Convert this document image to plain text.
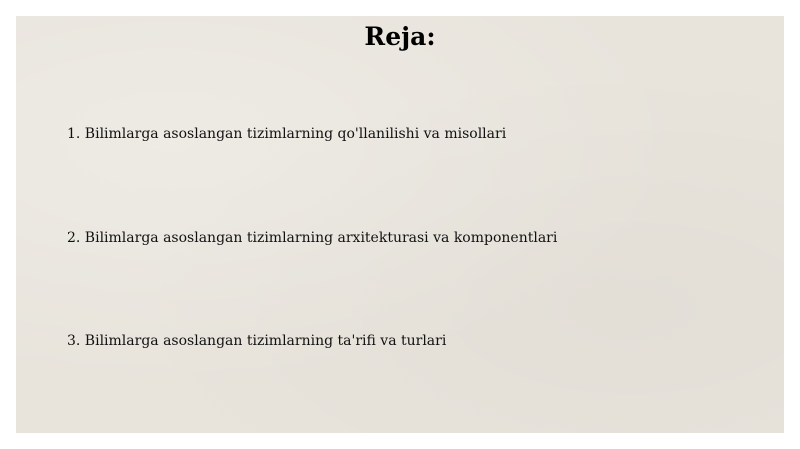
Reja:

1. Bilimlarga asoslangan tizimlarning qo'llanilishi va misollari

2. Bilimlarga asoslangan tizimlarning arxitekturasi va komponentlari

3. Bilimlarga asoslangan tizimlarning ta'rifi va turlari
